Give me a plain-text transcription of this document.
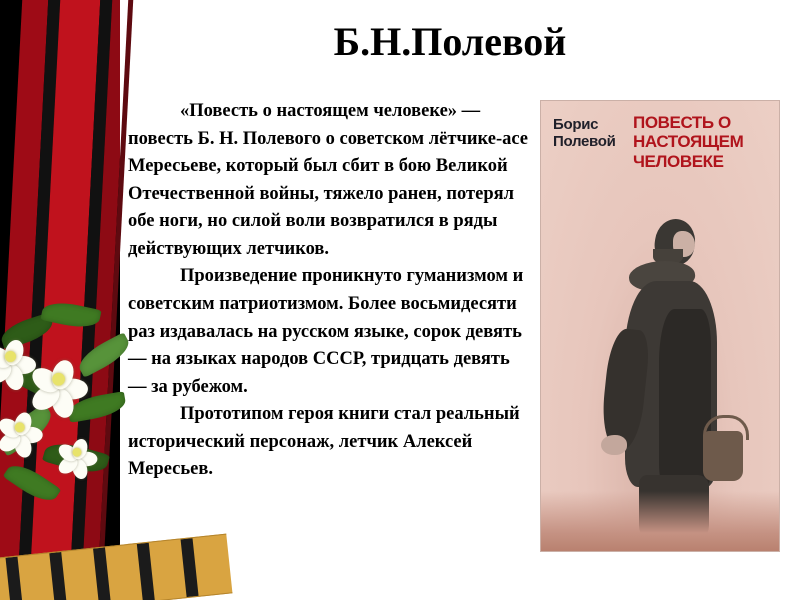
Б.Н.Полевой

«Повесть о настоящем человеке» — повесть Б. Н. Полевого о советском лётчике-асе Мересьеве, который был сбит в бою Великой Отечественной войны, тяжело ранен, потерял обе ноги, но силой воли возвратился в ряды действующих летчиков.

Произведение проникнуто гуманизмом и советским патриотизмом. Более восьмидесяти раз издавалась на русском языке, сорок девять — на языках народов СССР, тридцать девять — за рубежом.

Прототипом героя книги стал реальный исторический персонаж, летчик Алексей Мересьев.

Борис Полевой
ПОВЕСТЬ О НАСТОЯЩЕМ ЧЕЛОВЕКЕ
